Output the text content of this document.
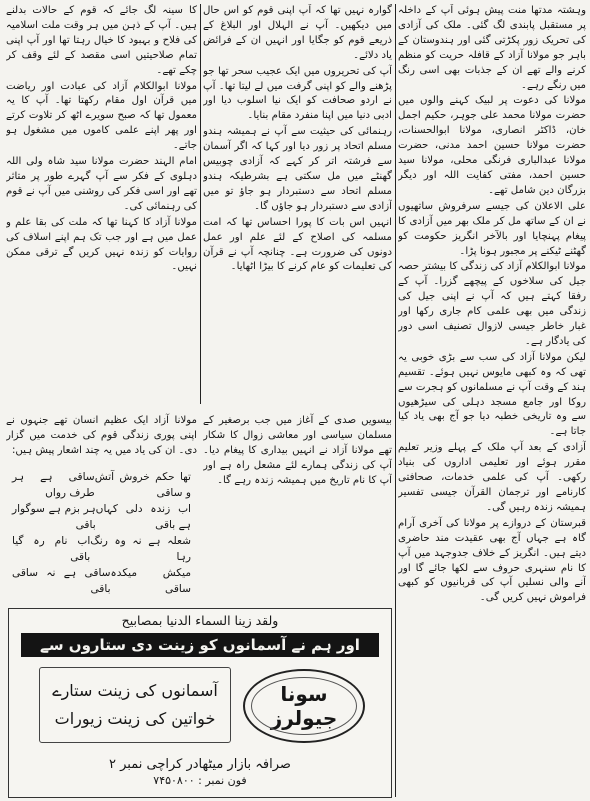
وہشتہ مدتھا منت پیش ہوئی آپ کے داخلہ پر مستقبل پابندی لگ گئی۔ ملک کی آزادی کی تحریک زور پکڑتی گئی اور ہندوستان کے باہر جو مولانا آزاد کے قافلہ حریت کو منظم کرنے والے تھے ان کے جذبات بھی اسی رنگ میں رنگے رہے۔

مولانا کی دعوت پر لبیک کہنے والوں میں حضرت مولانا محمد علی جوہر، حکیم اجمل خان، ڈاکٹر انصاری، مولانا ابوالحسنات، حضرت مولانا حسین احمد مدنی، حضرت مولانا عبدالباری فرنگی محلی، مولانا سید حسین احمد، مفتی کفایت اللہ اور دیگر بزرگان دین شامل تھے۔

علی الاعلان کی جیسے سرفروش ساتھیوں نے ان کے ساتھ مل کر ملک بھر میں آزادی کا پیغام پہنچایا اور بالآخر انگریز حکومت کو گھٹنے ٹیکنے پر مجبور ہونا پڑا۔

مولانا ابوالکلام آزاد کی زندگی کا بیشتر حصہ جیل کی سلاخوں کے پیچھے گزرا۔ آپ کے رفقا کہتے ہیں کہ آپ نے اپنی جیل کی زندگی میں بھی علمی کام جاری رکھا اور غبار خاطر جیسی لازوال تصنیف اسی دور کی یادگار ہے۔

لیکن مولانا آزاد کی سب سے بڑی خوبی یہ تھی کہ وہ کبھی مایوس نہیں ہوئے۔ تقسیم ہند کے وقت آپ نے مسلمانوں کو ہجرت سے روکا اور جامع مسجد دہلی کی سیڑھیوں سے وہ تاریخی خطبہ دیا جو آج بھی یاد کیا جاتا ہے۔

آزادی کے بعد آپ ملک کے پہلے وزیر تعلیم مقرر ہوئے اور تعلیمی اداروں کی بنیاد رکھی۔ آپ کی علمی خدمات، صحافتی کارنامے اور ترجمان القرآن جیسی تفسیر ہمیشہ زندہ رہیں گی۔

قبرستان کے دروازے پر مولانا کی آخری آرام گاہ ہے جہاں آج بھی عقیدت مند حاضری دیتے ہیں۔ انگریز کے خلاف جدوجہد میں آپ کا نام سنہری حروف سے لکھا جائے گا اور آنے والی نسلیں آپ کی قربانیوں کو کبھی فراموش نہیں کریں گی۔

گوارہ نہیں تھا کہ آپ اپنی قوم کو اس حال میں دیکھیں۔ آپ نے الہلال اور البلاغ کے ذریعے قوم کو جگایا اور انہیں ان کے فرائض یاد دلائے۔

آپ کی تحریروں میں ایک عجیب سحر تھا جو پڑھنے والے کو اپنی گرفت میں لے لیتا تھا۔ آپ نے اردو صحافت کو ایک نیا اسلوب دیا اور ادبی دنیا میں اپنا منفرد مقام بنایا۔

رہنمائی کی حیثیت سے آپ نے ہمیشہ ہندو مسلم اتحاد پر زور دیا اور کہا کہ اگر آسمان سے فرشتہ اتر کر کہے کہ آزادی چوبیس گھنٹے میں مل سکتی ہے بشرطیکہ ہندو مسلم اتحاد سے دستبردار ہو جاؤ تو میں آزادی سے دستبردار ہو جاؤں گا۔

انہیں اس بات کا پورا احساس تھا کہ امت مسلمہ کی اصلاح کے لئے علم اور عمل دونوں کی ضرورت ہے۔ چنانچہ آپ نے قرآن کی تعلیمات کو عام کرنے کا بیڑا اٹھایا۔

کا سینہ لگ جائے کہ قوم کے حالات بدلنے ہیں۔ آپ کے ذہن میں ہر وقت ملت اسلامیہ کی فلاح و بہبود کا خیال رہتا تھا اور آپ اپنی تمام صلاحیتیں اسی مقصد کے لئے وقف کر چکے تھے۔

مولانا ابوالکلام آزاد کی عبادت اور ریاضت میں قرآن اول مقام رکھتا تھا۔ آپ کا یہ معمول تھا کہ صبح سویرے اٹھ کر تلاوت کرتے اور پھر اپنے علمی کاموں میں مشغول ہو جاتے۔

امام الہند حضرت مولانا سید شاہ ولی اللہ دہلوی کے فکر سے آپ گہرے طور پر متاثر تھے اور اسی فکر کی روشنی میں آپ نے قوم کی رہنمائی کی۔

مولانا آزاد کا کہنا تھا کہ ملت کی بقا علم و عمل میں ہے اور جب تک ہم اپنے اسلاف کی روایات کو زندہ نہیں کریں گے ترقی ممکن نہیں۔

بیسویں صدی کے آغاز میں جب برصغیر کے مسلمان سیاسی اور معاشی زوال کا شکار تھے مولانا آزاد نے انہیں بیداری کا پیغام دیا۔ آپ کی زندگی ہمارے لئے مشعل راہ ہے اور آپ کا نام تاریخ میں ہمیشہ زندہ رہے گا۔

مولانا آزاد ایک عظیم انسان تھے جنہوں نے اپنی پوری زندگی قوم کی خدمت میں گزار دی۔ ان کی یاد میں یہ چند اشعار پیش ہیں:

تھا حکم خروش آتش و ساقی
ساقی ہے ہر طرف رواں
اب زندہ دلی کہاں ہے باقی
ہر بزم ہے سوگوار باقی
شعلہ ہے نہ وہ رنگ رہا
اب نام رہ گیا باقی
میکش میکدہ ساقی
ساقی ہے نہ ساقی باقی

ولقد زینا السماء الدنیا بمصابیح
اور ہم نے آسمانوں کو زینت دی ستاروں سے
سونا جیولرز
آسمانوں کی زینت ستارے
خواتین کی زینت زیورات
صرافہ بازار میٹھادر کراچی نمبر ۲
فون نمبر : ۷۴۵۰۸۰۰
